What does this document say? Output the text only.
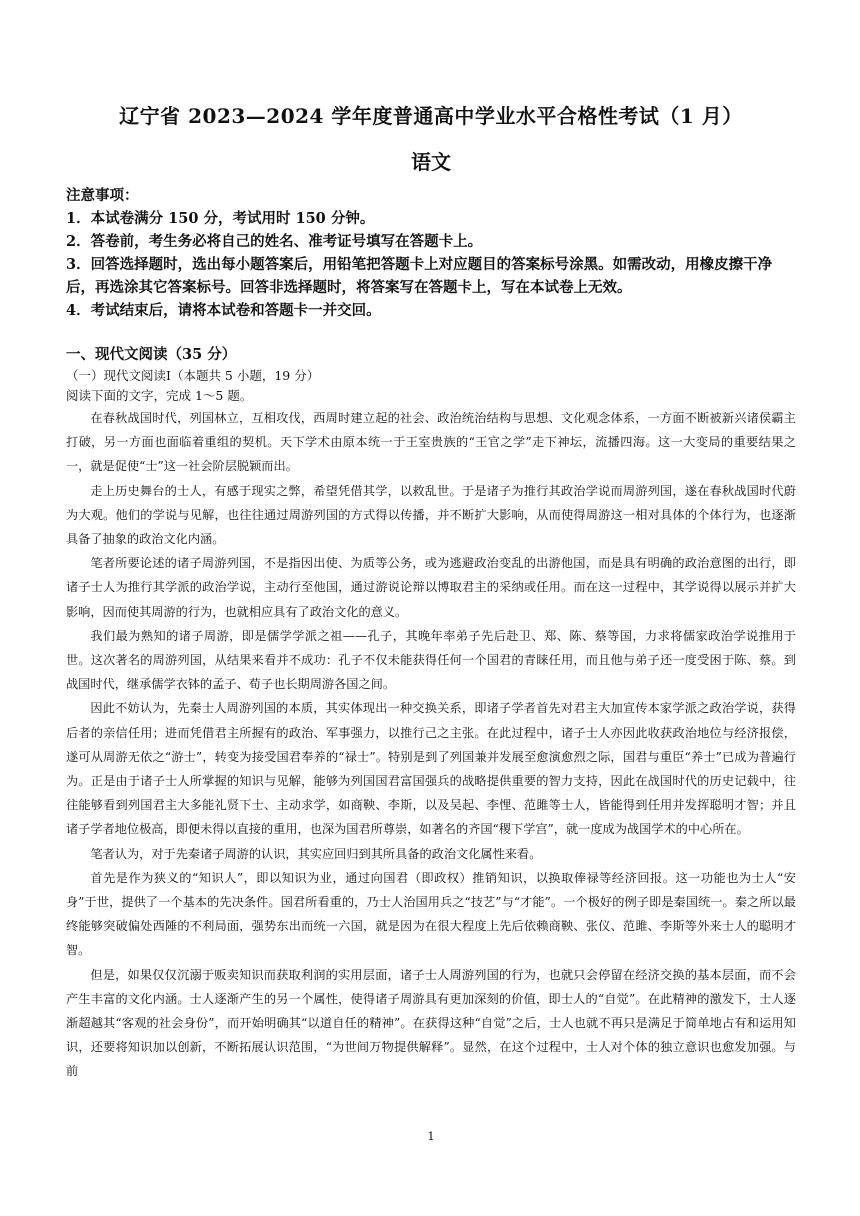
辽宁省 2023—2024 学年度普通高中学业水平合格性考试（1 月）
语文

注意事项：

1．本试卷满分 150 分，考试用时 150 分钟。

2．答卷前，考生务必将自己的姓名、准考证号填写在答题卡上。

3．回答选择题时，选出每小题答案后，用铅笔把答题卡上对应题目的答案标号涂黑。如需改动，用橡皮擦干净后，再选涂其它答案标号。回答非选择题时，将答案写在答题卡上，写在本试卷上无效。

4．考试结束后，请将本试卷和答题卡一并交回。

一、现代文阅读（35 分）

（一）现代文阅读Ⅰ（本题共 5 小题，19 分）

阅读下面的文字，完成 1～5 题。

在春秋战国时代，列国林立，互相攻伐，西周时建立起的社会、政治统治结构与思想、文化观念体系，一方面不断被新兴诸侯霸主打破，另一方面也面临着重组的契机。天下学术由原本统一于王室贵族的“王官之学”走下神坛，流播四海。这一大变局的重要结果之一，就是促使“士”这一社会阶层脱颖而出。

走上历史舞台的士人，有感于现实之弊，希望凭借其学，以救乱世。于是诸子为推行其政治学说而周游列国，遂在春秋战国时代蔚为大观。他们的学说与见解，也往往通过周游列国的方式得以传播，并不断扩大影响，从而使得周游这一相对具体的个体行为，也逐渐具备了抽象的政治文化内涵。

笔者所要论述的诸子周游列国，不是指因出使、为质等公务，或为逃避政治变乱的出游他国，而是具有明确的政治意图的出行，即诸子士人为推行其学派的政治学说，主动行至他国，通过游说论辩以博取君主的采纳或任用。而在这一过程中，其学说得以展示并扩大影响，因而使其周游的行为，也就相应具有了政治文化的意义。

我们最为熟知的诸子周游，即是儒学学派之祖——孔子，其晚年率弟子先后赴卫、郑、陈、蔡等国，力求将儒家政治学说推用于世。这次著名的周游列国，从结果来看并不成功：孔子不仅未能获得任何一个国君的青睐任用，而且他与弟子还一度受困于陈、蔡。到战国时代，继承儒学衣钵的孟子、荀子也长期周游各国之间。

因此不妨认为，先秦士人周游列国的本质，其实体现出一种交换关系，即诸子学者首先对君主大加宣传本家学派之政治学说，获得后者的亲信任用；进而凭借君主所握有的政治、军事强力，以推行己之主张。在此过程中，诸子士人亦因此收获政治地位与经济报偿，遂可从周游无依之“游士”，转变为接受国君奉养的“禄士”。特别是到了列国兼并发展至愈演愈烈之际，国君与重臣“养士”已成为普遍行为。正是由于诸子士人所掌握的知识与见解，能够为列国国君富国强兵的战略提供重要的智力支持，因此在战国时代的历史记载中，往往能够看到列国君主大多能礼贤下士、主动求学，如商鞅、李斯，以及吴起、李悝、范雎等士人，皆能得到任用并发挥聪明才智；并且诸子学者地位极高，即便未得以直接的重用，也深为国君所尊崇，如著名的齐国“稷下学宫”，就一度成为战国学术的中心所在。

笔者认为，对于先秦诸子周游的认识，其实应回归到其所具备的政治文化属性来看。

首先是作为狭义的“知识人”，即以知识为业，通过向国君（即政权）推销知识，以换取俸禄等经济回报。这一功能也为士人“安身”于世，提供了一个基本的先决条件。国君所看重的，乃士人治国用兵之“技艺”与“才能”。一个极好的例子即是秦国统一。秦之所以最终能够突破偏处西陲的不利局面，强势东出而统一六国，就是因为在很大程度上先后依赖商鞅、张仪、范雎、李斯等外来士人的聪明才智。

但是，如果仅仅沉溺于贩卖知识而获取利润的实用层面，诸子士人周游列国的行为，也就只会停留在经济交换的基本层面，而不会产生丰富的文化内涵。士人逐渐产生的另一个属性，使得诸子周游具有更加深刻的价值，即士人的“自觉”。在此精神的激发下，士人逐渐超越其“客观的社会身份”，而开始明确其“以道自任的精神”。在获得这种“自觉”之后，士人也就不再只是满足于简单地占有和运用知识，还要将知识加以创新，不断拓展认识范围，“为世间万物提供解释”。显然，在这个过程中，士人对个体的独立意识也愈发加强。与前

1
